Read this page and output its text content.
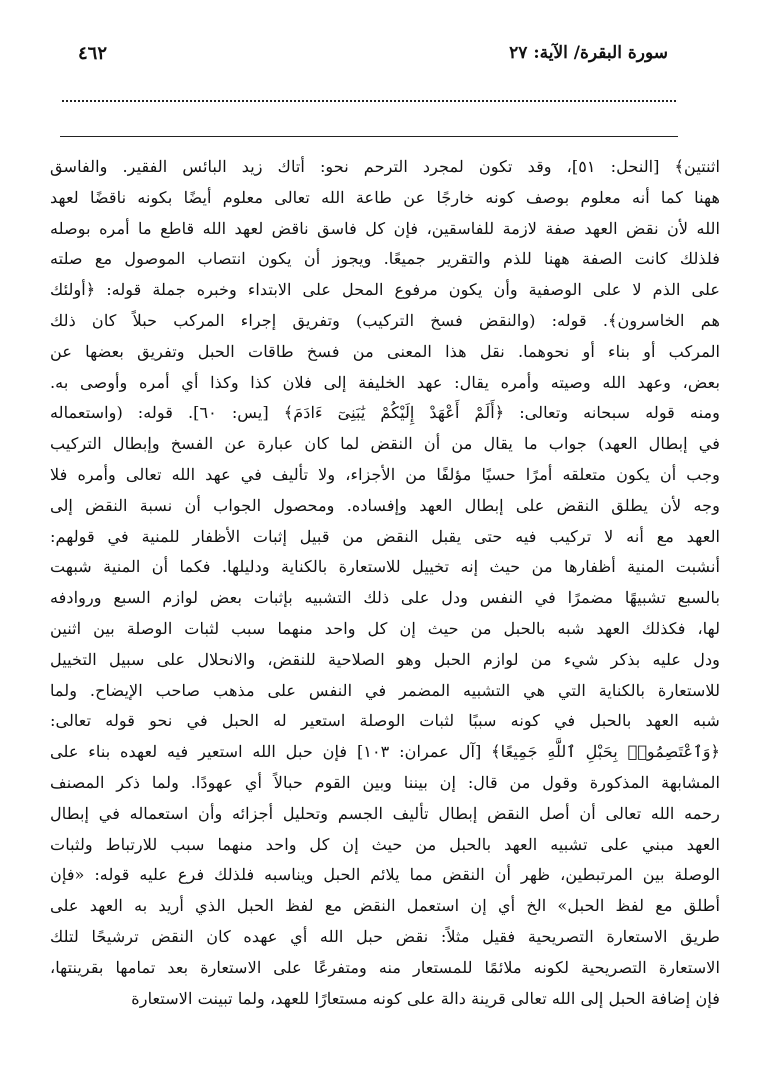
سورة البقرة/ الآية: ٢٧
٤٦٢
اثنتين﴾ [النحل: ٥١]، وقد تكون لمجرد الترحم نحو: أتاك زيد البائس الفقير. والفاسق
ههنا كما أنه معلوم بوصف كونه خارجًا عن طاعة الله تعالى معلوم أيضًا بكونه ناقضًا لعهد
الله لأن نقض العهد صفة لازمة للفاسقين، فإن كل فاسق ناقض لعهد الله قاطع ما أمره بوصله
فلذلك كانت الصفة ههنا للذم والتقرير جميعًا. ويجوز أن يكون انتصاب الموصول مع صلته
على الذم لا على الوصفية وأن يكون مرفوع المحل على الابتداء وخبره جملة قوله: ﴿أولئك
هم الخاسرون﴾. قوله: (والنقض فسخ التركيب) وتفريق إجراء المركب حبلاً كان ذلك
المركب أو بناء أو نحوهما. نقل هذا المعنى من فسخ طاقات الحبل وتفريق بعضها عن
بعض، وعهد الله وصيته وأمره يقال: عهد الخليفة إلى فلان كذا وكذا أي أمره وأوصى به.
ومنه قوله سبحانه وتعالى: ﴿أَلَمْ أَعْهَدْ إِلَيْكُمْ يَٰبَنِىٓ ءَادَمَ﴾ [يس: ٦٠]. قوله: (واستعماله
في إبطال العهد) جواب ما يقال من أن النقض لما كان عبارة عن الفسخ وإبطال التركيب
وجب أن يكون متعلقه أمرًا حسيًا مؤلفًا من الأجزاء، ولا تأليف في عهد الله تعالى وأمره فلا
وجه لأن يطلق النقض على إبطال العهد وإفساده. ومحصول الجواب أن نسبة النقض إلى
العهد مع أنه لا تركيب فيه حتى يقبل النقض من قبيل إثبات الأظفار للمنية في قولهم:
أنشبت المنية أظفارها من حيث إنه تخييل للاستعارة بالكناية ودليلها. فكما أن المنية شبهت
بالسبع تشبيهًا مضمرًا في النفس ودل على ذلك التشبيه بإثبات بعض لوازم السبع وروادفه
لها، فكذلك العهد شبه بالحبل من حيث إن كل واحد منهما سبب لثبات الوصلة بين اثنين
ودل عليه بذكر شيء من لوازم الحبل وهو الصلاحية للنقض، والانحلال على سبيل التخييل
للاستعارة بالكناية التي هي التشبيه المضمر في النفس على مذهب صاحب الإيضاح. ولما
شبه العهد بالحبل في كونه سببًا لثبات الوصلة استعير له الحبل في نحو قوله تعالى:
﴿وَٱعْتَصِمُوا۟ بِحَبْلِ ٱللَّهِ جَمِيعًا﴾ [آل عمران: ١٠٣] فإن حبل الله استعير فيه لعهده بناء على
المشابهة المذكورة وقول من قال: إن بيننا وبين القوم حبالاً أي عهودًا. ولما ذكر المصنف
رحمه الله تعالى أن أصل النقض إبطال تأليف الجسم وتحليل أجزائه وأن استعماله في إبطال
العهد مبني على تشبيه العهد بالحبل من حيث إن كل واحد منهما سبب للارتباط ولثبات
الوصلة بين المرتبطين، ظهر أن النقض مما يلائم الحبل ويناسبه فلذلك فرع عليه قوله: «فإن
أطلق مع لفظ الحبل» الخ أي إن استعمل النقض مع لفظ الحبل الذي أريد به العهد على
طريق الاستعارة التصريحية فقيل مثلاً: نقض حبل الله أي عهده كان النقض ترشيحًا لتلك
الاستعارة التصريحية لكونه ملائمًا للمستعار منه ومتفرعًا على الاستعارة بعد تمامها بقرينتها،
فإن إضافة الحبل إلى الله تعالى قرينة دالة على كونه مستعارًا للعهد، ولما تبينت الاستعارة
